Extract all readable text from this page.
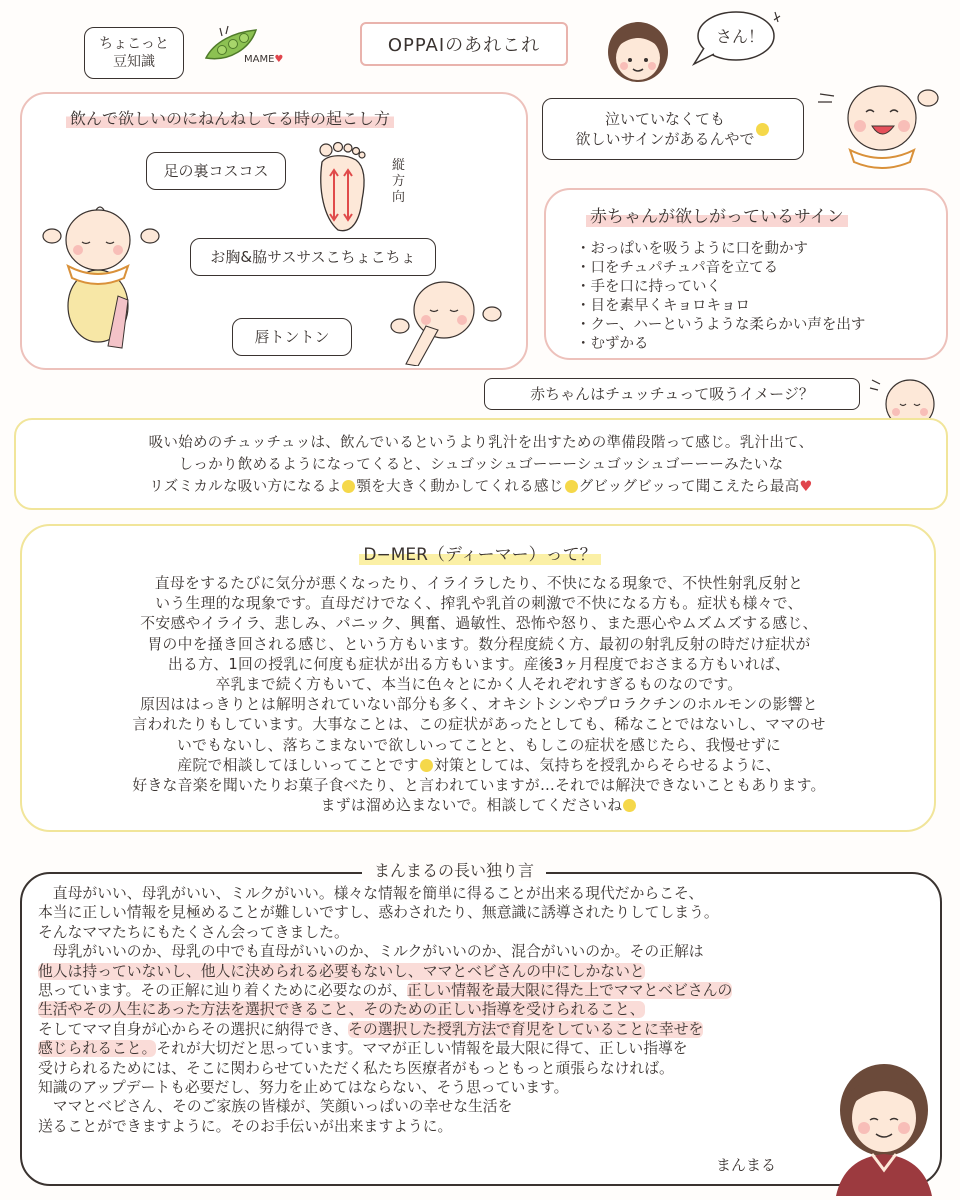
ちょこっと
豆知識	MAME♥
OPPAIのあれこれ	さん！
飲んで欲しいのにねんねしてる時の起こし方
足の裏コスコス	縦方向
お胸&脇サスサスこちょこちょ
唇トントン
泣いていなくても
欲しいサインがあるんやで
赤ちゃんが欲しがっているサイン
・ おっぱいを吸うように口を動かす
・ 口をチュパチュパ音を立てる
・ 手を口に持っていく
・ 目を素早くキョロキョロ
・ クー、ハーというような柔らかい声を出す
・ むずかる
赤ちゃんはチュッチュって吸うイメージ？
吸い始めのチュッチュッは、飲んでいるというより乳汁を出すための準備段階って感じ。乳汁出て、
しっかり飲めるようになってくると、シュゴッシュゴーーーシュゴッシュゴーーーみたいな
リズミカルな吸い方になるよ 顎を大きく動かしてくれる感じ グビッグビッって聞こえたら最高♥
D−MER（ディーマー）って？
直母をするたびに気分が悪くなったり、イライラしたり、不快になる現象で、不快性射乳反射と
いう生理的な現象です。直母だけでなく、搾乳や乳首の刺激で不快になる方も。症状も様々で、
不安感やイライラ、悲しみ、パニック、興奮、過敏性、恐怖や怒り、また悪心やムズムズする感じ、
胃の中を掻き回される感じ、という方もいます。数分程度続く方、最初の射乳反射の時だけ症状が
出る方、1回の授乳に何度も症状が出る方もいます。産後3ヶ月程度でおさまる方もいれば、
卒乳まで続く方もいて、本当に色々とにかく人それぞれすぎるものなのです。
原因ははっきりとは解明されていない部分も多く、オキシトシンやプロラクチンのホルモンの影響と
言われたりもしています。大事なことは、この症状があったとしても、稀なことではないし、ママのせ
いでもないし、落ちこまないで欲しいってことと、もしこの症状を感じたら、我慢せずに
産院で相談してほしいってことです 対策としては、気持ちを授乳からそらせるように、
好きな音楽を聞いたりお菓子食べたり、と言われていますが…それでは解決できないこともあります。
まずは溜め込まないで。相談してくださいね
まんまるの長い独り言

　直母がいい、母乳がいい、ミルクがいい。様々な情報を簡単に得ることが出来る現代だからこそ、

本当に正しい情報を見極めることが難しいですし、惑わされたり、無意識に誘導されたりしてしまう。

そんなママたちにもたくさん会ってきました。

　母乳がいいのか、母乳の中でも直母がいいのか、ミルクがいいのか、混合がいいのか。その正解は

他人は持っていないし、他人に決められる必要もないし、ママとベビさんの中にしかないと

思っています。その正解に辿り着くために必要なのが、正しい情報を最大限に得た上でママとベビさんの

生活やその人生にあった方法を選択できること、そのための正しい指導を受けられること、

そしてママ自身が心からその選択に納得でき、その選択した授乳方法で育児をしていることに幸せを

感じられること。それが大切だと思っています。ママが正しい情報を最大限に得て、正しい指導を

受けられるためには、そこに関わらせていただく私たち医療者がもっともっと頑張らなければ。

知識のアップデートも必要だし、努力を止めてはならない、そう思っています。

　ママとベビさん、そのご家族の皆様が、笑顔いっぱいの幸せな生活を

送ることができますように。そのお手伝いが出来ますように。

まんまる
